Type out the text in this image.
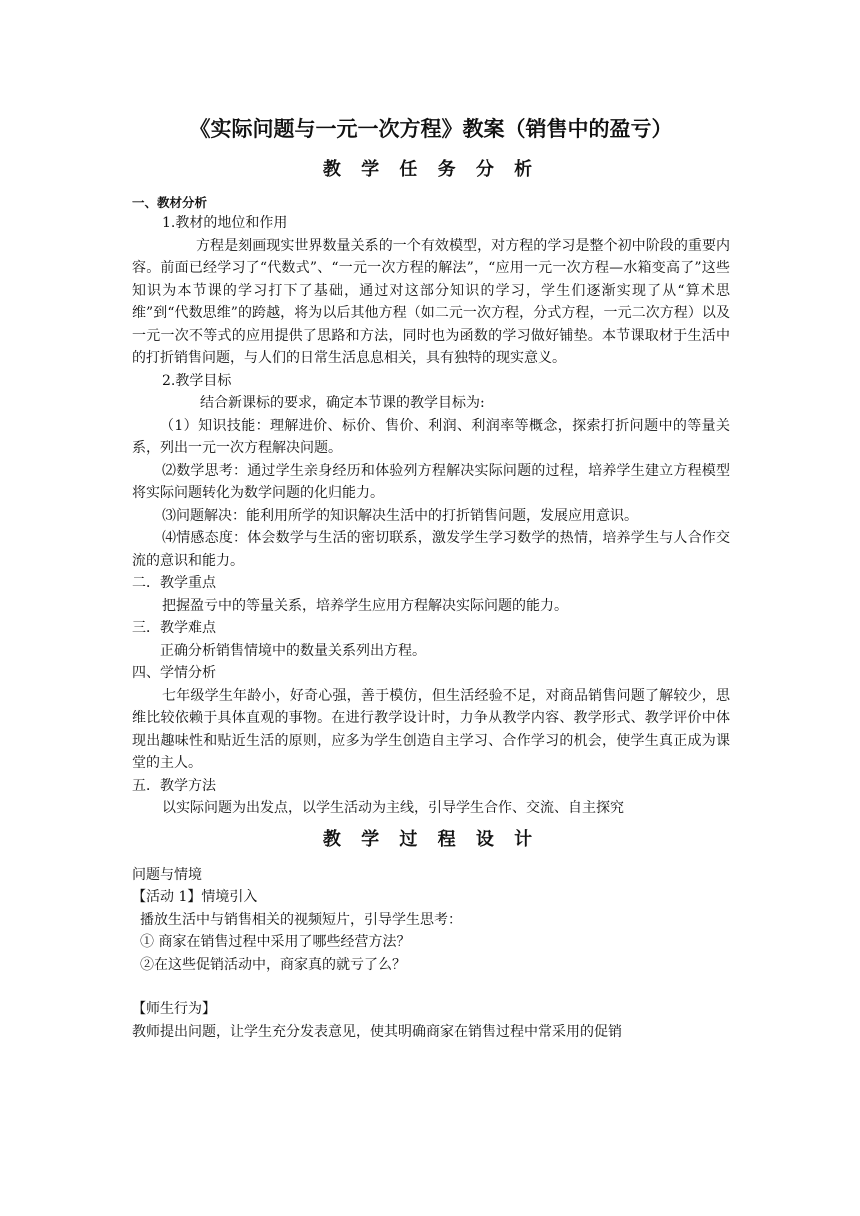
《实际问题与一元一次方程》教案（销售中的盈亏）
教 学 任 务 分 析
一、教材分析

1.教材的地位和作用

方程是刻画现实世界数量关系的一个有效模型，对方程的学习是整个初中阶段的重要内容。前面已经学习了“代数式”、“一元一次方程的解法”，“应用一元一次方程—水箱变高了”这些知识为本节课的学习打下了基础，通过对这部分知识的学习，学生们逐渐实现了从“算术思维”到“代数思维”的跨越，将为以后其他方程（如二元一次方程，分式方程，一元二次方程）以及一元一次不等式的应用提供了思路和方法，同时也为函数的学习做好铺垫。本节课取材于生活中的打折销售问题，与人们的日常生活息息相关，具有独特的现实意义。

2.教学目标

结合新课标的要求，确定本节课的教学目标为:

（1）知识技能：理解进价、标价、售价、利润、利润率等概念，探索打折问题中的等量关系，列出一元一次方程解决问题。

⑵数学思考：通过学生亲身经历和体验列方程解决实际问题的过程，培养学生建立方程模型将实际问题转化为数学问题的化归能力。

⑶问题解决：能利用所学的知识解决生活中的打折销售问题，发展应用意识。

⑷情感态度：体会数学与生活的密切联系，激发学生学习数学的热情，培养学生与人合作交流的意识和能力。

二．教学重点

把握盈亏中的等量关系，培养学生应用方程解决实际问题的能力。

三．教学难点

正确分析销售情境中的数量关系列出方程。

四、学情分析

七年级学生年龄小，好奇心强，善于模仿，但生活经验不足，对商品销售问题了解较少，思维比较依赖于具体直观的事物。在进行教学设计时，力争从教学内容、教学形式、教学评价中体现出趣味性和贴近生活的原则，应多为学生创造自主学习、合作学习的机会，使学生真正成为课堂的主人。

五．教学方法

以实际问题为出发点，以学生活动为主线，引导学生合作、交流、自主探究

教 学 过 程 设 计

问题与情境

【活动 1】情境引入

播放生活中与销售相关的视频短片，引导学生思考：

① 商家在销售过程中采用了哪些经营方法？

②在这些促销活动中，商家真的就亏了么？

【师生行为】

教师提出问题，让学生充分发表意见，使其明确商家在销售过程中常采用的促销
